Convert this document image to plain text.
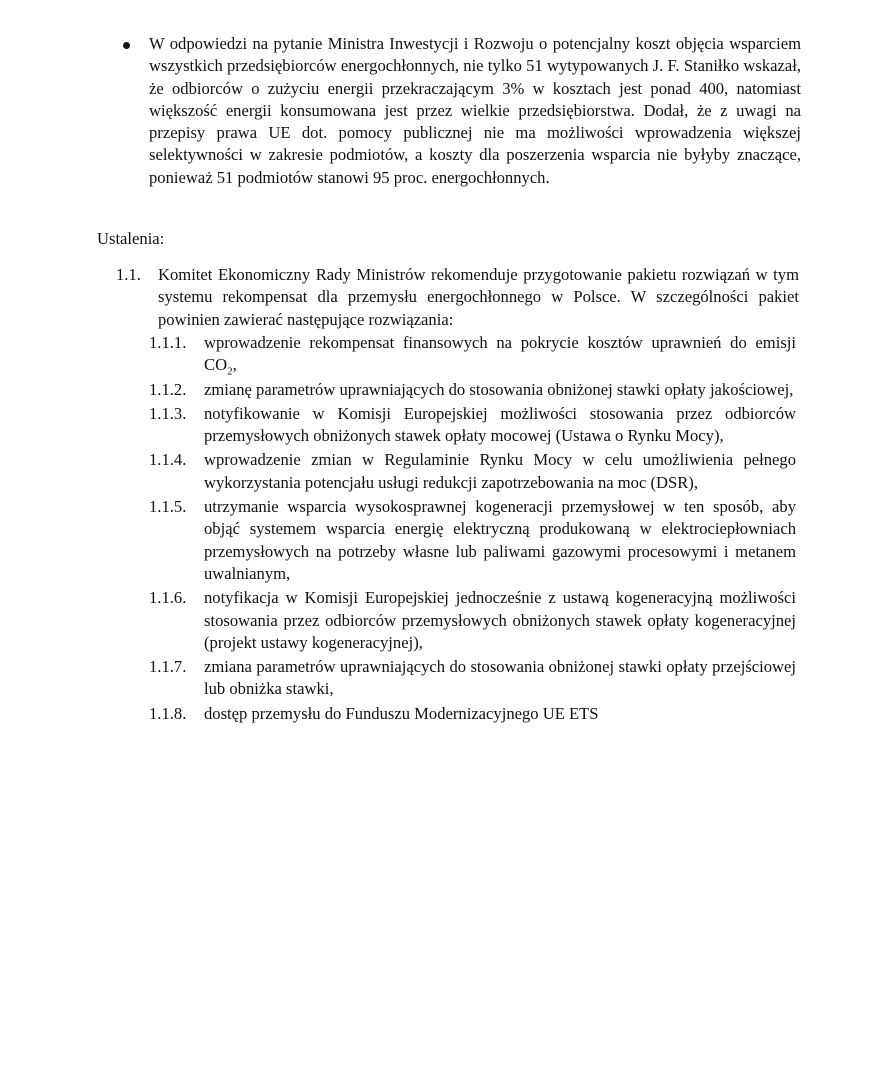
W odpowiedzi na pytanie Ministra Inwestycji i Rozwoju o potencjalny koszt objęcia wsparciem wszystkich przedsiębiorców energochłonnych, nie tylko 51 wytypowanych J. F. Staniłko wskazał, że odbiorców o zużyciu energii przekraczającym 3% w kosztach jest ponad 400, natomiast większość energii konsumowana jest przez wielkie przedsiębiorstwa. Dodał, że z uwagi na przepisy prawa UE dot. pomocy publicznej nie ma możliwości wprowadzenia większej selektywności w zakresie podmiotów, a koszty dla poszerzenia wsparcia nie byłyby znaczące, ponieważ 51 podmiotów stanowi 95 proc. energochłonnych.

Ustalenia:
1.1.	Komitet Ekonomiczny Rady Ministrów rekomenduje przygotowanie pakietu rozwiązań w tym systemu rekompensat dla przemysłu energochłonnego w Polsce. W szczególności pakiet powinien zawierać następujące rozwiązania:

1.1.1.	wprowadzenie rekompensat finansowych na pokrycie kosztów uprawnień do emisji $CO_2$,
1.1.2.	zmianę parametrów uprawniających do stosowania obniżonej stawki opłaty jakościowej,
1.1.3.	notyfikowanie w Komisji Europejskiej możliwości stosowania przez odbiorców przemysłowych obniżonych stawek opłaty mocowej (Ustawa o Rynku Mocy),
1.1.4.	wprowadzenie zmian w Regulaminie Rynku Mocy w celu umożliwienia pełnego wykorzystania potencjału usługi redukcji zapotrzebowania na moc (DSR),
1.1.5.	utrzymanie wsparcia wysokosprawnej kogeneracji przemysłowej w ten sposób, aby objąć systemem wsparcia energię elektryczną produkowaną w elektrociepłowniach przemysłowych na potrzeby własne lub paliwami gazowymi procesowymi i metanem uwalnianym,
1.1.6.	notyfikacja w Komisji Europejskiej jednocześnie z ustawą kogeneracyjną możliwości stosowania przez odbiorców przemysłowych obniżonych stawek opłaty kogeneracyjnej (projekt ustawy kogeneracyjnej),
1.1.7.	zmiana parametrów uprawniających do stosowania obniżonej stawki opłaty przejściowej lub obniżka stawki,
1.1.8.	dostęp przemysłu do Funduszu Modernizacyjnego UE ETS
